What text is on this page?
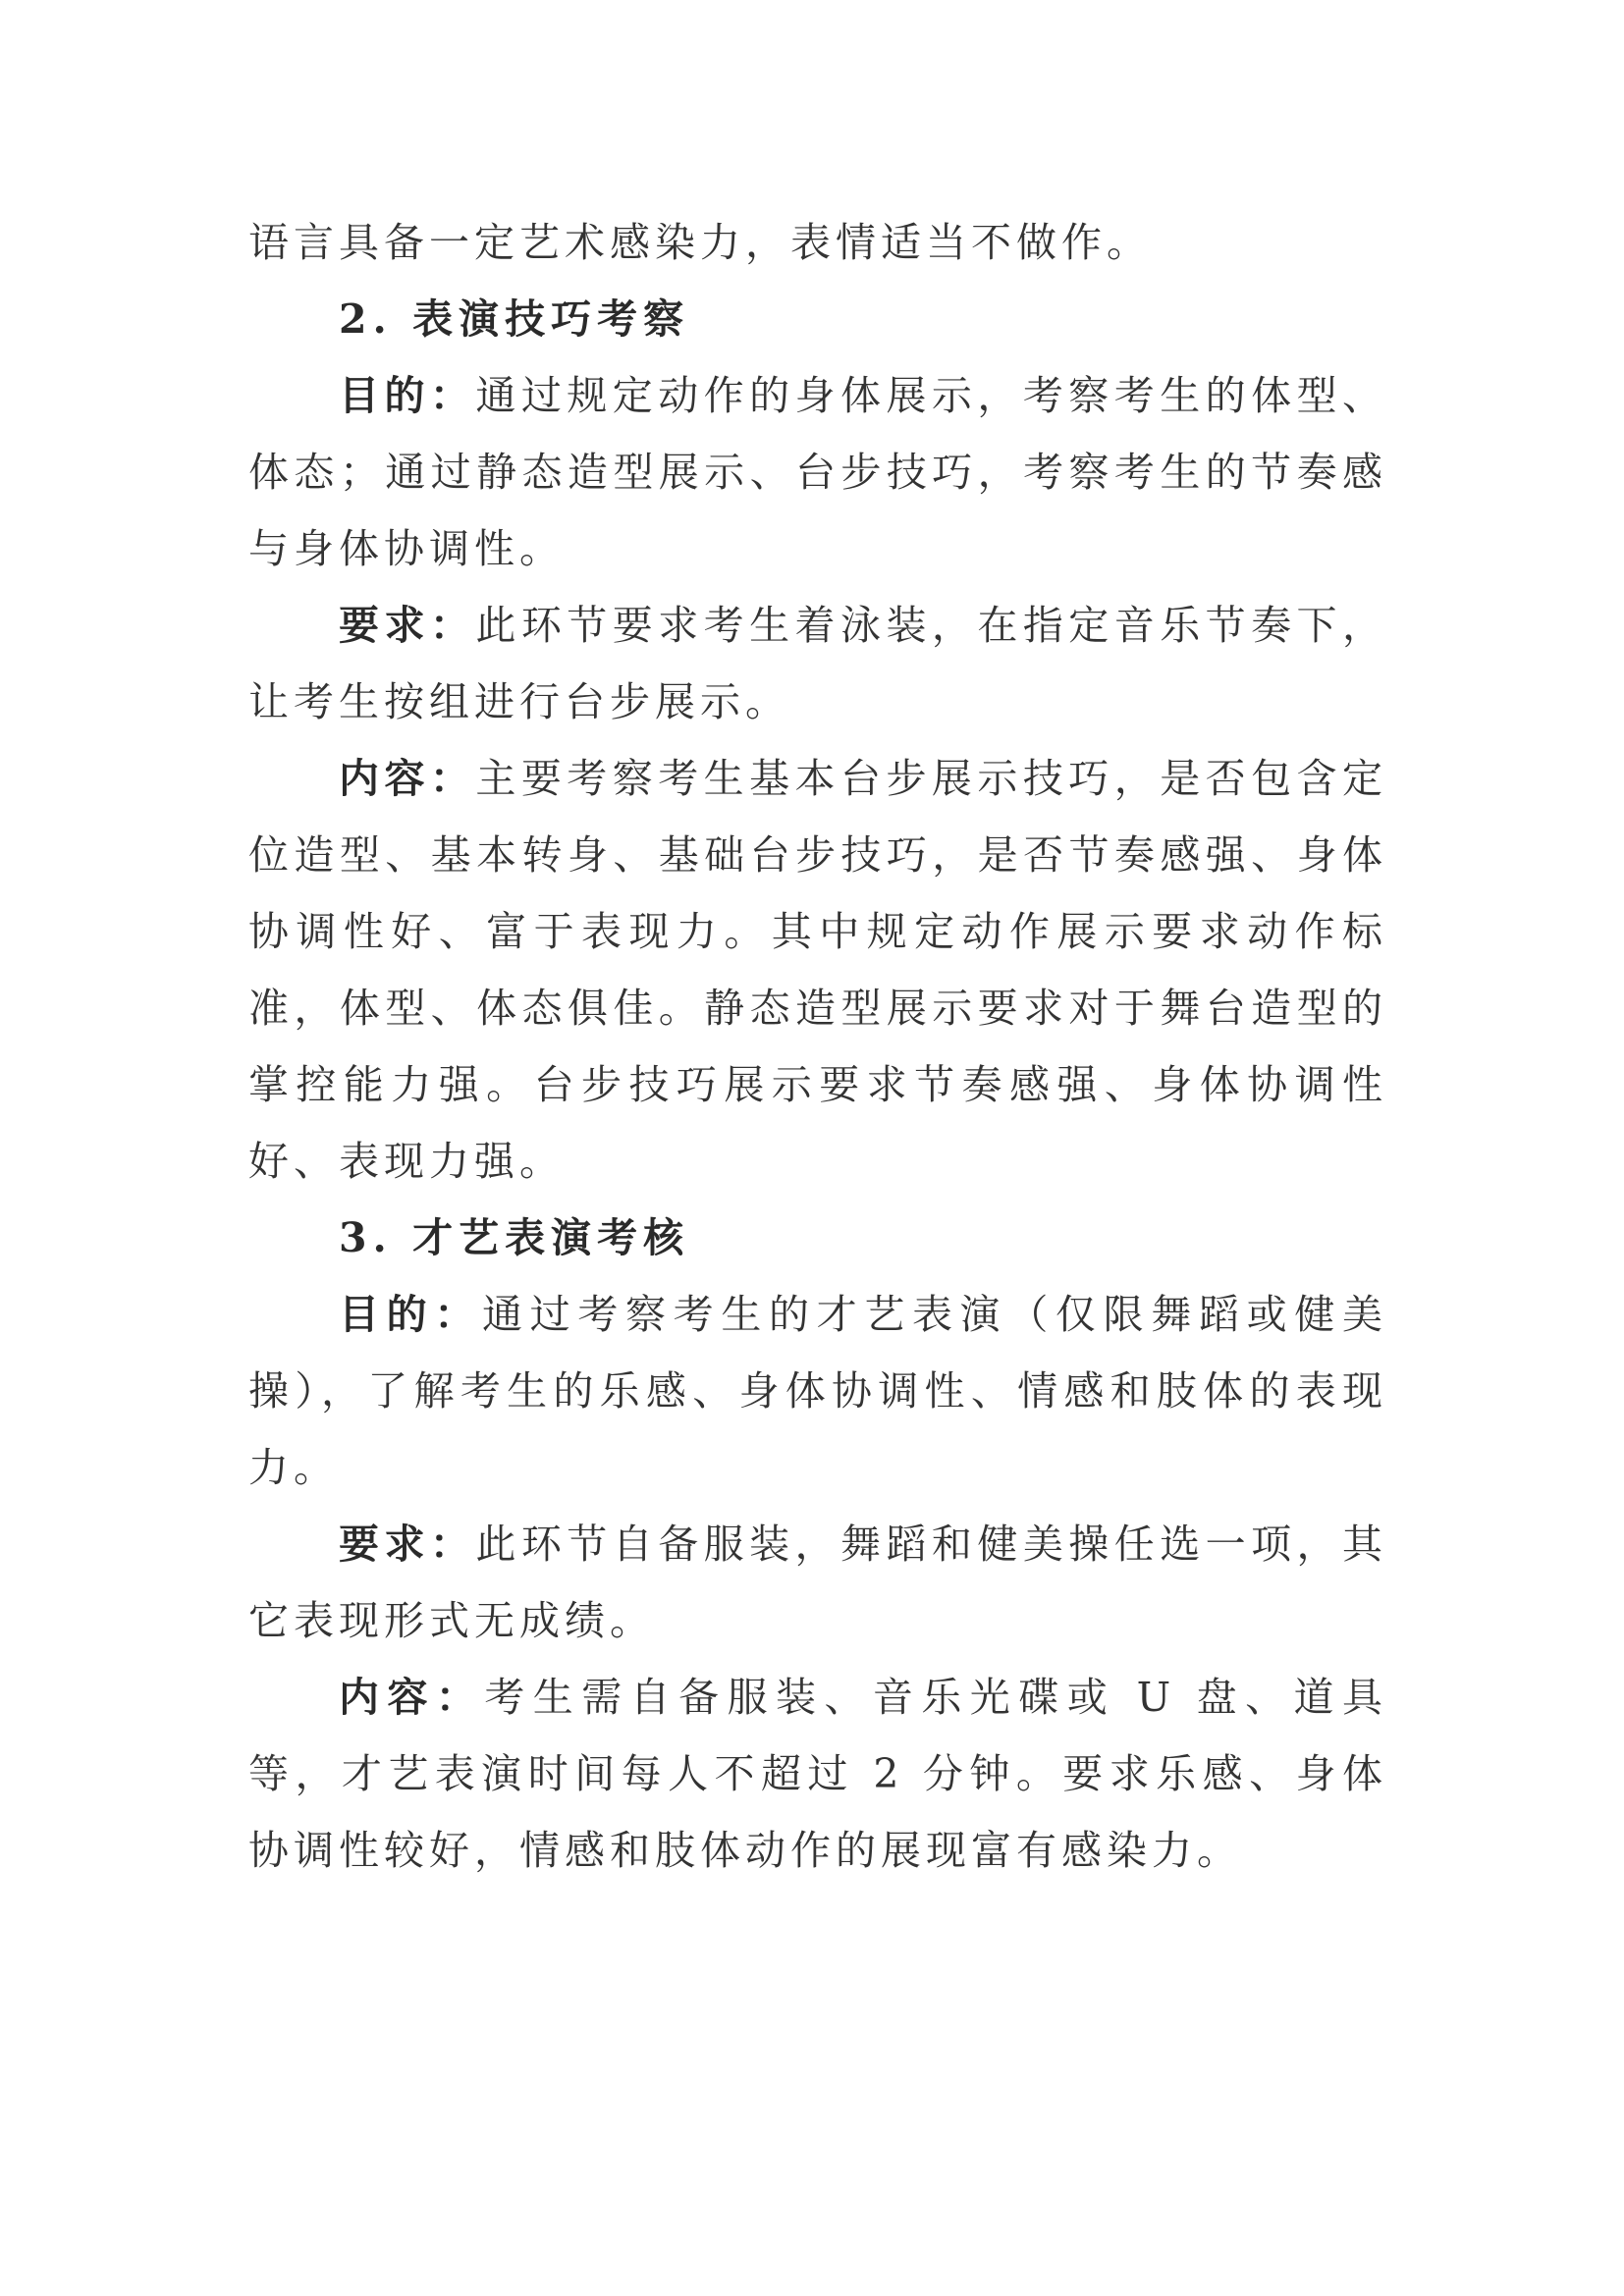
语言具备一定艺术感染力，表情适当不做作。

2. 表演技巧考察

目的：通过规定动作的身体展示，考察考生的体型、体态；通过静态造型展示、台步技巧，考察考生的节奏感与身体协调性。

要求：此环节要求考生着泳装，在指定音乐节奏下，让考生按组进行台步展示。

内容：主要考察考生基本台步展示技巧，是否包含定位造型、基本转身、基础台步技巧，是否节奏感强、身体协调性好、富于表现力。其中规定动作展示要求动作标准，体型、体态俱佳。静态造型展示要求对于舞台造型的掌控能力强。台步技巧展示要求节奏感强、身体协调性好、表现力强。

3. 才艺表演考核

目的：通过考察考生的才艺表演（仅限舞蹈或健美操），了解考生的乐感、身体协调性、情感和肢体的表现力。

要求：此环节自备服装，舞蹈和健美操任选一项，其它表现形式无成绩。

内容：考生需自备服装、音乐光碟或 U 盘、道具等，才艺表演时间每人不超过 2 分钟。要求乐感、身体协调性较好，情感和肢体动作的展现富有感染力。
